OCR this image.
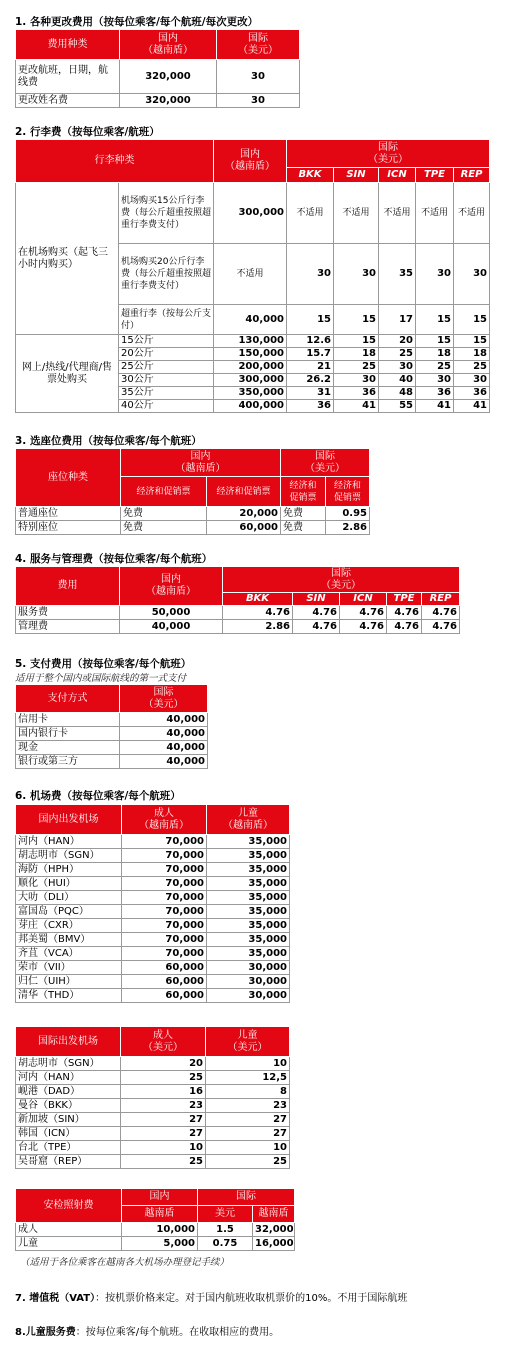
1. 各种更改费用（按每位乘客/每个航班/每次更改）
费用种类	国内
（越南盾）	国际
（美元）
更改航班，日期，航线费	320,000	30
更改姓名费	320,000	30
2. 行李费（按每位乘客/航班）
行李种类		国内
（越南盾）	国际
（美元）				
			BKK	SIN	ICN	TPE	REP
在机场购买（起飞三小时内购买）	机场购买15公斤行李费（每公斤超重按照超重行李费支付）	300,000	不适用	不适用	不适用	不适用	不适用
	机场购买20公斤行李费（每公斤超重按照超重行李费支付）	不适用	30	30	35	30	30
	超重行李（按每公斤支付）	40,000	15	15	17	15	15
网上/热线/代理商/售票处购买	15公斤	130,000	12.6	15	20	15	15
	20公斤	150,000	15.7	18	25	18	18
	25公斤	200,000	21	25	30	25	25
	30公斤	300,000	26.2	30	40	30	30
	35公斤	350,000	31	36	48	36	36
	40公斤	400,000	36	41	55	41	41
3. 选座位费用（按每位乘客/每个航班）
座位种类	国内
（越南盾）		国际
（美元）	
	经济和促销票	经济和促销票	经济和
促销票	经济和
促销票
普通座位	免费	20,000	免费	0.95
特别座位	免费	60,000	免费	2.86
4. 服务与管理费（按每位乘客/每个航班）
费用	国内
（越南盾）	国际
（美元）				
		BKK	SIN	ICN	TPE	REP
服务费	50,000	4.76	4.76	4.76	4.76	4.76
管理费	40,000	2.86	4.76	4.76	4.76	4.76
5. 支付费用（按每位乘客/每个航班）
适用于整个国内或国际航线的第一式支付
支付方式	国际
（美元）
信用卡	40,000
国内银行卡	40,000
现金	40,000
银行或第三方	40,000
6. 机场费（按每位乘客/每个航班）
国内出发机场	成人
（越南盾）	儿童
（越南盾）
河内（HAN）	70,000	35,000
胡志明市（SGN）	70,000	35,000
海防（HPH）	70,000	35,000
顺化（HUI）	70,000	35,000
大叻（DLI）	70,000	35,000
富国岛（PQC）	70,000	35,000
芽庄（CXR）	70,000	35,000
邦美蜀（BMV）	70,000	35,000
齐苴（VCA）	70,000	35,000
荣市（VII）	60,000	30,000
归仁（UIH）	60,000	30,000
清华（THD）	60,000	30,000
国际出发机场	成人
（美元）	儿童
（美元）
胡志明市（SGN）	20	10
河内（HAN）	25	12,5
岘港（DAD）	16	8
曼谷（BKK）	23	23
新加坡（SIN）	27	27
韩国（ICN）	27	27
台北（TPE）	10	10
吴哥窟（REP）	25	25
安检照射费	国内	国际	
	越南盾	美元	越南盾
成人	10,000	1.5	32,000
儿童	5,000	0.75	16,000
（适用于各位乘客在越南各大机场办理登记手续）
7. 增值税（VAT）：按机票价格来定。对于国内航班收取机票价的10%。不用于国际航班
8.儿童服务费：按每位乘客/每个航班。在收取相应的费用。
